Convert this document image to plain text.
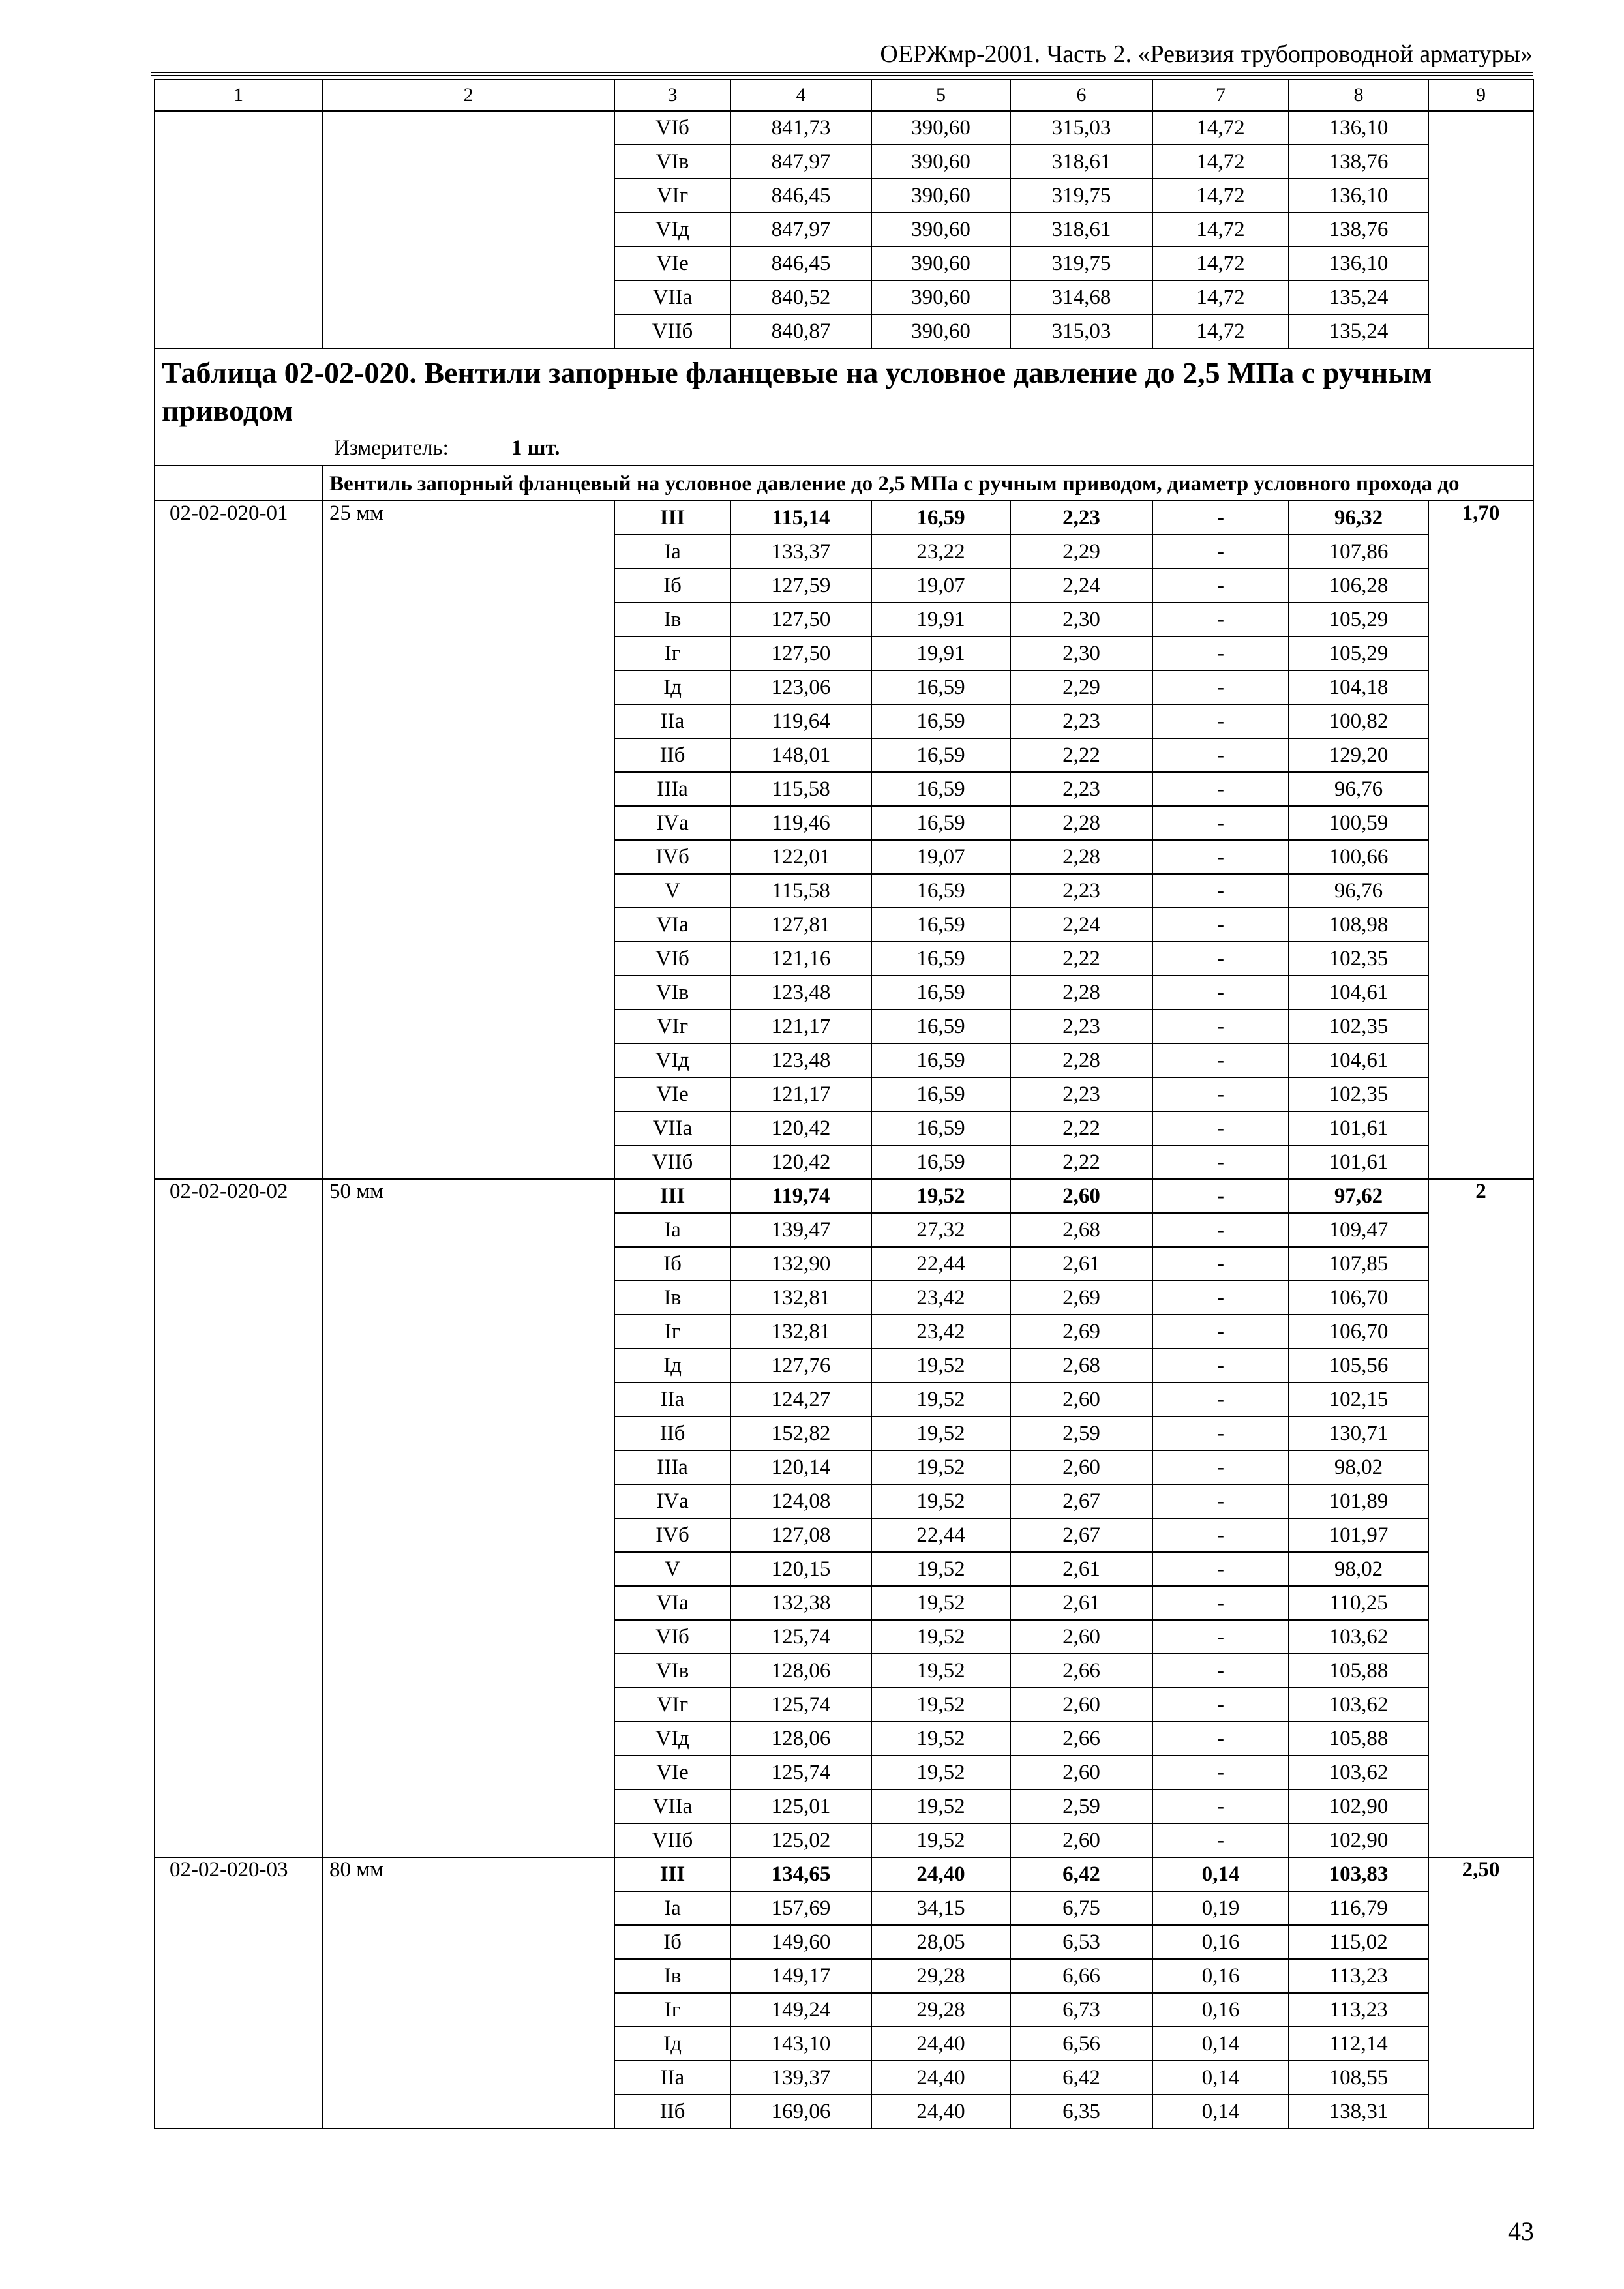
ОЕРЖмр-2001. Часть 2. «Ревизия трубопроводной арматуры»
1	2	3	4	5	6	7	8	9
		VIб	841,73	390,60	315,03	14,72	136,10	
		VIв	847,97	390,60	318,61	14,72	138,76	
		VIг	846,45	390,60	319,75	14,72	136,10	
		VIд	847,97	390,60	318,61	14,72	138,76	
		VIе	846,45	390,60	319,75	14,72	136,10	
		VIIа	840,52	390,60	314,68	14,72	135,24	
		VIIб	840,87	390,60	315,03	14,72	135,24	

Таблица 02-02-020. Вентили запорные фланцевые на условное давление до 2,5 МПа с ручным приводом
Измеритель: 1 шт.								

	Вентиль запорный фланцевый на условное давление до 2,5 МПа с ручным приводом, диаметр условного прохода до							
02-02-020-01	25 мм	III	115,14	16,59	2,23	-	96,32	1,70
		Iа	133,37	23,22	2,29	-	107,86	
		Iб	127,59	19,07	2,24	-	106,28	
		Iв	127,50	19,91	2,30	-	105,29	
		Iг	127,50	19,91	2,30	-	105,29	
		Iд	123,06	16,59	2,29	-	104,18	
		IIа	119,64	16,59	2,23	-	100,82	
		IIб	148,01	16,59	2,22	-	129,20	
		IIIа	115,58	16,59	2,23	-	96,76	
		IVа	119,46	16,59	2,28	-	100,59	
		IVб	122,01	19,07	2,28	-	100,66	
		V	115,58	16,59	2,23	-	96,76	
		VIа	127,81	16,59	2,24	-	108,98	
		VIб	121,16	16,59	2,22	-	102,35	
		VIв	123,48	16,59	2,28	-	104,61	
		VIг	121,17	16,59	2,23	-	102,35	
		VIд	123,48	16,59	2,28	-	104,61	
		VIе	121,17	16,59	2,23	-	102,35	
		VIIа	120,42	16,59	2,22	-	101,61	
		VIIб	120,42	16,59	2,22	-	101,61	
02-02-020-02	50 мм	III	119,74	19,52	2,60	-	97,62	2
		Iа	139,47	27,32	2,68	-	109,47	
		Iб	132,90	22,44	2,61	-	107,85	
		Iв	132,81	23,42	2,69	-	106,70	
		Iг	132,81	23,42	2,69	-	106,70	
		Iд	127,76	19,52	2,68	-	105,56	
		IIа	124,27	19,52	2,60	-	102,15	
		IIб	152,82	19,52	2,59	-	130,71	
		IIIа	120,14	19,52	2,60	-	98,02	
		IVа	124,08	19,52	2,67	-	101,89	
		IVб	127,08	22,44	2,67	-	101,97	
		V	120,15	19,52	2,61	-	98,02	
		VIа	132,38	19,52	2,61	-	110,25	
		VIб	125,74	19,52	2,60	-	103,62	
		VIв	128,06	19,52	2,66	-	105,88	
		VIг	125,74	19,52	2,60	-	103,62	
		VIд	128,06	19,52	2,66	-	105,88	
		VIе	125,74	19,52	2,60	-	103,62	
		VIIа	125,01	19,52	2,59	-	102,90	
		VIIб	125,02	19,52	2,60	-	102,90	
02-02-020-03	80 мм	III	134,65	24,40	6,42	0,14	103,83	2,50
		Iа	157,69	34,15	6,75	0,19	116,79	
		Iб	149,60	28,05	6,53	0,16	115,02	
		Iв	149,17	29,28	6,66	0,16	113,23	
		Iг	149,24	29,28	6,73	0,16	113,23	
		Iд	143,10	24,40	6,56	0,14	112,14	
		IIа	139,37	24,40	6,42	0,14	108,55	
		IIб	169,06	24,40	6,35	0,14	138,31	
43
